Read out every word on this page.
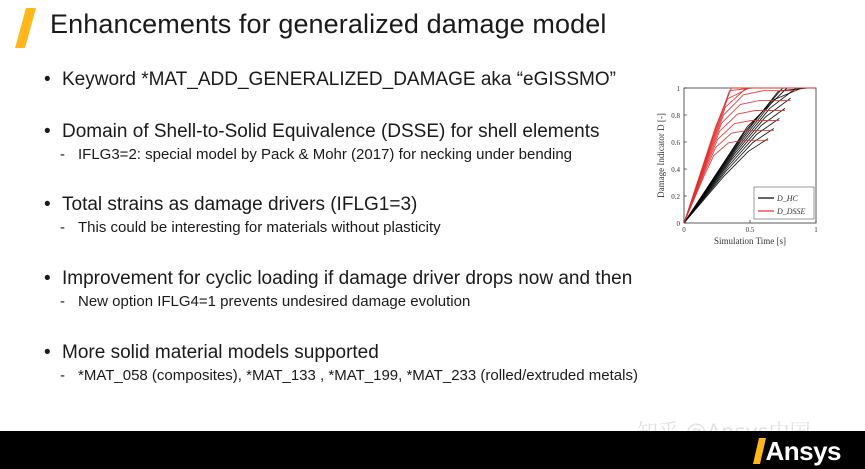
Enhancements for generalized damage model
• Keyword *MAT_ADD_GENERALIZED_DAMAGE aka “eGISSMO”
• Domain of Shell-to-Solid Equivalence (DSSE) for shell elements
- IFLG3=2: special model by Pack & Mohr (2017) for necking under bending
• Total strains as damage drivers (IFLG1=3)
- This could be interesting for materials without plasticity
• Improvement for cyclic loading if damage driver drops now and then
- New option IFLG4=1 prevents undesired damage evolution
• More solid material models supported
- *MAT_058 (composites), *MAT_133 , *MAT_199, *MAT_233 (rolled/extruded metals)
0
0.2
0.4
0.6
0.8
1
0	0.5	1
Simulation Time [s]
Damage Indicator D [-]
D_HC
D_DSSE
Ansys
